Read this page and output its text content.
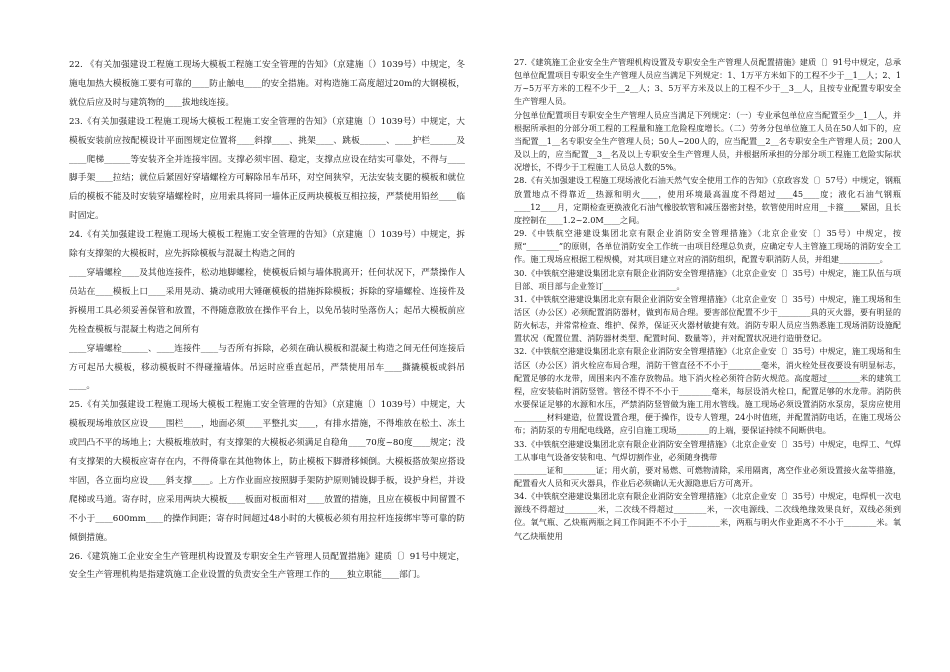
22. 《有关加强建设工程施工现场大模板工程施工安全管理的告知》（京建施〔）1039号）中规定，冬施电加热大模板施工要有可靠的____防止触电____的安全措施。对构造施工高度超过20m的大钢模板，就位后应及时与建筑物的____拔地线连接。

23.《有关加强建设工程施工现场大模板工程施工安全管理的告知》（京建施〔）1039号）中规定，大模板安装前应按配模设计平面图规定位置将____斜撑____、挑架____、跳板______、____护栏______及____爬梯______等安装齐全并连接牢固。支撑必须牢固、稳定，支撑点应设在结实可靠处，不得与____脚手架____拉结；就位后紧固好穿墙螺栓方可解除吊车吊环，对空间狭窄，无法安装支腿的模板和就位后的模板不能及时安装穿墙螺栓时，应用索具将同一墙体正反两块模板互相拉接，严禁使用铅丝____临时固定。

24.《有关加强建设工程施工现场大模板工程施工安全管理的告知》（京建施〔）1039号）中规定，拆除有支撑架的大模板时，应先拆除模板与混凝土构造之间的

____穿墙螺栓____及其他连接件，松动地脚螺栓，使模板后倾与墙体脱离开；任何状况下，严禁操作人员站在____模板上口____采用晃动、撬动或用大锤砸模板的措施拆除模板；拆除的穿墙螺栓、连接件及拆模用工具必须妥善保管和放置，不得随意散放在操作平台上，以免吊装时坠落伤人；起吊大模板前应先检查模板与混凝土构造之间所有

____穿墙螺栓______、____连接件____与否所有拆除，必须在确认模板和混凝土构造之间无任何连接后方可起吊大模板，移动模板时不得碰撞墙体。吊运时应垂直起吊，严禁使用吊车____撕撬模板或斜吊____。

25.《有关加强建设工程施工现场大模板工程施工安全管理的告知》（京建施〔）1039号）中规定，大模板现场堆放区应设____围栏____，地面必须____平整扎实____，有排水措施，不得堆放在松土、冻土或凹凸不平的场地上；大模板堆放时，有支撑架的大模板必须满足自稳角____70度~80度____规定；没有支撑架的大模板应寄存在内，不得倚靠在其他物体上，防止模板下脚滑移倾倒。大模板搭放架应搭设牢固，各立面均应设____斜支撑____。上方作业面应按照脚手架防护原则铺设脚手板，设护身栏，并设爬梯或马道。寄存时，应采用两块大模板____板面对板面相对____放置的措施，且应在模板中间留置不不小于____600mm____的操作间距；寄存时间超过48小时的大模板必须有用拉杆连接绑牢等可靠的防倾倒措施。

26.《建筑施工企业安全生产管理机构设置及专职安全生产管理人员配置措施》建质〔〕91号中规定，安全生产管理机构是指建筑施工企业设置的负责安全生产管理工作的____独立职能____部门。

27.《建筑施工企业安全生产管理机构设置及专职安全生产管理人员配置措施》建质〔〕91号中规定，总承包单位配置项目专职安全生产管理人员应当满足下列规定：1、1万平方米如下的工程不少于__1__人；2、1万~5万平方米的工程不少于__2__人；3、5万平方米及以上的工程不少于__3__人，且按专业配置专职安全生产管理人员。

分包单位配置项目专职安全生产管理人员应当满足下列规定：（一）专业承包单位应当配置至少__1__人，并根据所承担的分部分项工程的工程量和施工危险程度增长。（二）劳务分包单位施工人员在50人如下的，应当配置__1__名专职安全生产管理人员；50人~200人的，应当配置__2__名专职安全生产管理人员；200人及以上的，应当配置__3__名及以上专职安全生产管理人员，并根据所承担的分部分项工程施工危险实际状况增长，不得少于工程施工人员总人数的5%。

28.《有关加强建设工程施工现场液化石油天然气安全使用工作的告知》（京政容发〔〕57号）中规定，钢瓶放置地点不得靠近__热源和明火____，使用环境最高温度不得超过____45____度；液化石油气钢瓶____12____月，定期检查更换液化石油气橡胶软管和减压器密封垫，软管使用时应用__卡箍____紧固，且长度控制在____1.2~2.0M____之间。

29.《中铁航空港建设集团北京有限企业消防安全管理措施》（北京企业安〔〕35号）中规定，按照“________”的原则，各单位消防安全工作统一由项目经理总负责，应确定专人主管施工现场的消防安全工作。施工现场应根据工程规模，对其项目建立对应的消防组织，配置专职消防人员，并组建__________。

30.《中铁航空港建设集团北京有限企业消防安全管理措施》（北京企业安〔〕35号）中规定，施工队伍与项目部、项目部与企业签订__________________。

31.《中铁航空港建设集团北京有限企业消防安全管理措施》（北京企业安〔〕35号）中规定，施工现场和生活区（办公区）必须配置消防器材，做到布局合理。要害部位配置不少于________具的灭火器，要有明显的防火标志，并常常检查、维护、保养，保证灭火器材敏捷有效。消防专职人员应当熟悉施工现场消防设施配置状况（配置位置、消防器材类型、配置时间、数量等），并对配置状况进行造册登记。

32.《中铁航空港建设集团北京有限企业消防安全管理措施》（北京企业安〔〕35号）中规定，施工现场和生活区（办公区）消火栓应布局合理，消防干管直径不不小于________毫米，消火栓处昼夜要设有明显标志，配置足够的水龙带，周围来内不准存放物品。地下消火栓必须符合防火规范。高度超过________米的建筑工程，应安装临时消防竖管。管径不得不不小于________毫米，每层设消火栓口，配置足够的水龙带。消防供水要保证足够的水源和水压，严禁消防竖管做为施工用水管线。施工现场必须设置消防水泵房，泵房应使用________材料建造，位置设置合理，便于操作，设专人管理，24小时值班，并配置消防电话，在施工现场公布；消防泵的专用配电线路，应引自施工现场________的上端，要保证持续不间断供电。

33.《中铁航空港建设集团北京有限企业消防安全管理措施》（北京企业安〔〕35号）中规定，电焊工、气焊工从事电气设备安装和电、气焊切割作业，必须随身携带

________证和________证；用火前，要对易燃、可燃物清除，采用隔离，离空作业必须设置接火盆等措施，配置看火人员和灭火器具，作业后必须确认无火源隐患后方可离开。

34.《中铁航空港建设集团北京有限企业消防安全管理措施》（北京企业安〔〕35号）中规定，电焊机一次电源线不得超过________米，二次线不得超过________米，一次电源线、二次线绝缘效果良好，双线必须到位。氧气瓶、乙炔瓶两瓶之间工作间距不不小于________米，两瓶与明火作业距离不不小于________米。氧气乙炔瓶使用
